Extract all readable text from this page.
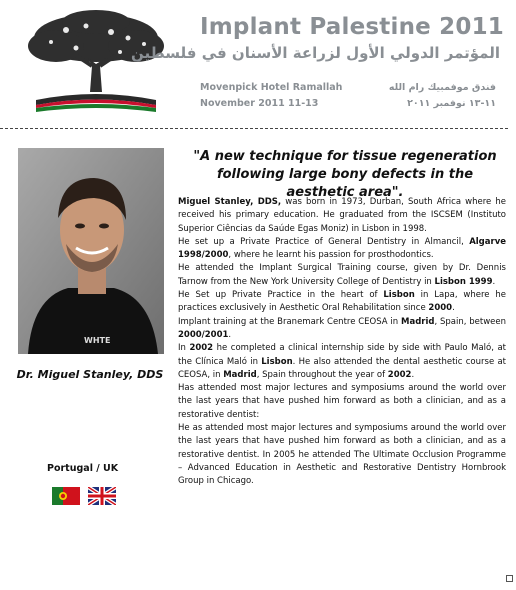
Implant Palestine 2011
المؤتمر الدولي الأول لزراعة الأسنان في فلسطين
Movenpick Hotel Ramallah
November 2011 11-13
فندق موفمبيك رام الله
١١-١٣ نوفمبر ٢٠١١
WHTE
Dr. Miguel Stanley, DDS
Portugal / UK
"A new technique for tissue regeneration following large bony defects in the aesthetic area".

Miguel Stanley, DDS, was born in 1973, Durban, South Africa where he received his primary education. He graduated from the ISCSEM (Instituto Superior Ciências da Saúde Egas Moniz) in Lisbon in 1998.

He set up a Private Practice of General Dentistry in Almancil, Algarve 1998/2000, where he learnt his passion for prosthodontics.

He attended the Implant Surgical Training course, given by Dr. Dennis Tarnow from the New York University College of Dentistry in Lisbon 1999.

He Set up Private Practice in the heart of Lisbon in Lapa, where he practices exclusively in Aesthetic Oral Rehabilitation since 2000.

Implant training at the Branemark Centre CEOSA in Madrid, Spain, between 2000/2001.

In 2002 he completed a clinical internship side by side with Paulo Maló, at the Clínica Maló in Lisbon. He also attended the dental aesthetic course at CEOSA, in Madrid, Spain throughout the year of 2002.

Has attended most major lectures and symposiums around the world over the last years that have pushed him forward as both a clinician, and as a restorative dentist:

He as attended most major lectures and symposiums around the world over the last years that have pushed him forward as both a clinician, and as a restorative dentist. In 2005 he attended The Ultimate Occlusion Programme – Advanced Education in Aesthetic and Restorative Dentistry Hornbrook Group in Chicago.
